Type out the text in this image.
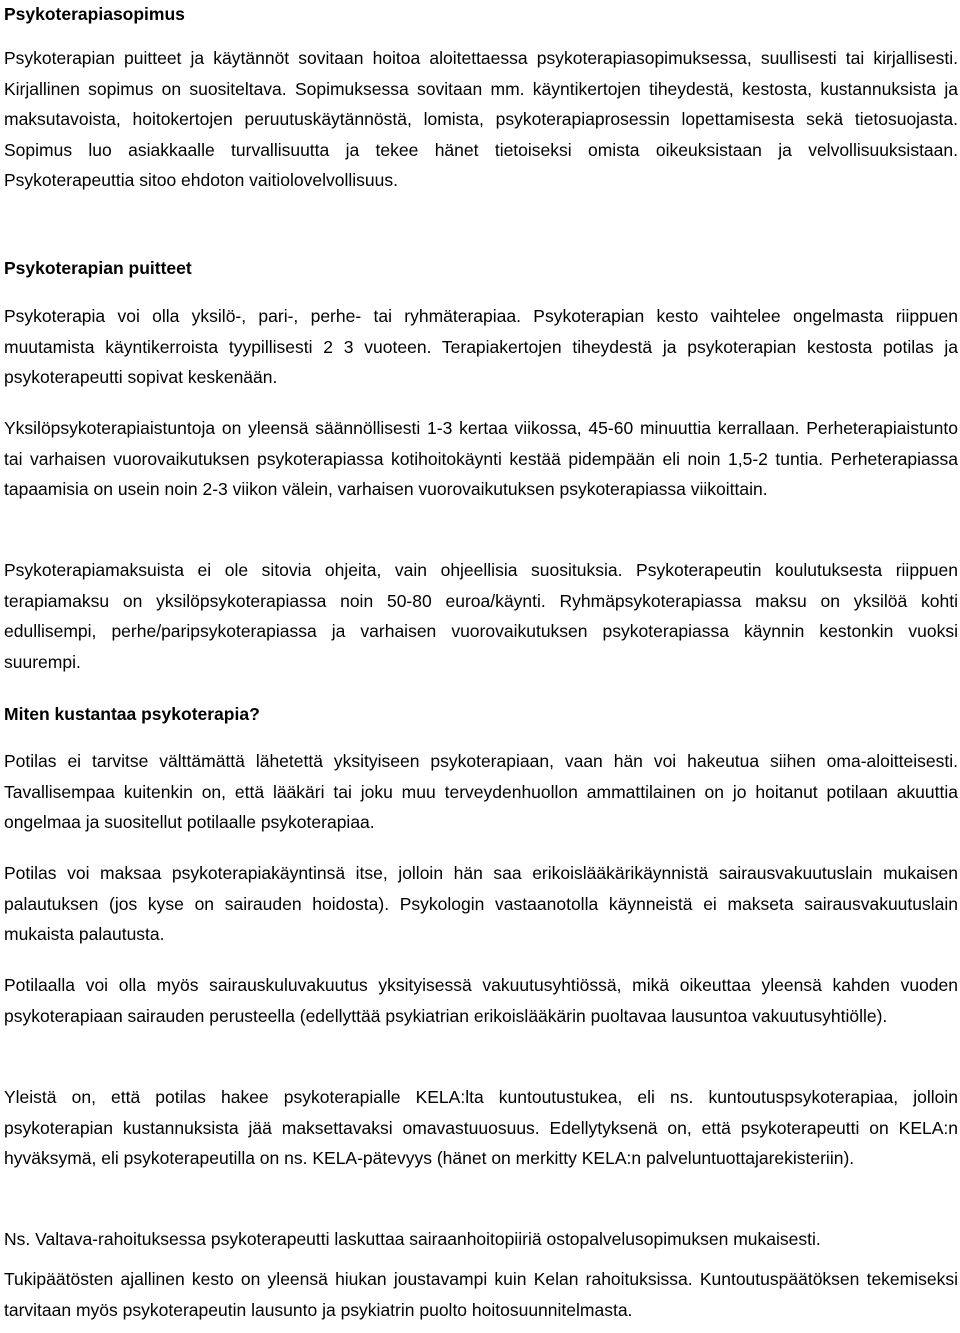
Psykoterapiasopimus

Psykoterapian puitteet ja käytännöt sovitaan hoitoa aloitettaessa psykoterapiasopimuksessa, suullisesti tai kirjallisesti. Kirjallinen sopimus on suositeltava. Sopimuksessa sovitaan mm. käyntikertojen tiheydestä, kestosta, kustannuksista ja maksutavoista, hoitokertojen peruutuskäytännöstä, lomista, psykoterapiaprosessin lopettamisesta sekä tietosuojasta. Sopimus luo asiakkaalle turvallisuutta ja tekee hänet tietoiseksi omista oikeuksistaan ja velvollisuuksistaan. Psykoterapeuttia sitoo ehdoton vaitiolovelvollisuus.

Psykoterapian puitteet

Psykoterapia voi olla yksilö-, pari-, perhe- tai ryhmäterapiaa. Psykoterapian kesto vaihtelee ongelmasta riippuen muutamista käyntikerroista tyypillisesti 2 3 vuoteen. Terapiakertojen tiheydestä ja psykoterapian kestosta potilas ja psykoterapeutti sopivat keskenään.

Yksilöpsykoterapiaistuntoja on yleensä säännöllisesti 1-3 kertaa viikossa, 45-60 minuuttia kerrallaan. Perheterapiaistunto tai varhaisen vuorovaikutuksen psykoterapiassa kotihoitokäynti kestää pidempään eli noin 1,5-2 tuntia. Perheterapiassa tapaamisia on usein noin 2-3 viikon välein, varhaisen vuorovaikutuksen psykoterapiassa viikoittain.

Psykoterapiamaksuista ei ole sitovia ohjeita, vain ohjeellisia suosituksia. Psykoterapeutin koulutuksesta riippuen terapiamaksu on yksilöpsykoterapiassa noin 50-80 euroa/käynti. Ryhmäpsykoterapiassa maksu on yksilöä kohti edullisempi, perhe/paripsykoterapiassa ja varhaisen vuorovaikutuksen psykoterapiassa käynnin kestonkin vuoksi suurempi.

Miten kustantaa psykoterapia?

Potilas ei tarvitse välttämättä lähetettä yksityiseen psykoterapiaan, vaan hän voi hakeutua siihen oma-aloitteisesti. Tavallisempaa kuitenkin on, että lääkäri tai joku muu terveydenhuollon ammattilainen on jo hoitanut potilaan akuuttia ongelmaa ja suositellut potilaalle psykoterapiaa.

Potilas voi maksaa psykoterapiakäyntinsä itse, jolloin hän saa erikoislääkärikäynnistä sairausvakuutuslain mukaisen palautuksen (jos kyse on sairauden hoidosta). Psykologin vastaanotolla käynneistä ei makseta sairausvakuutuslain mukaista palautusta.

Potilaalla voi olla myös sairauskuluvakuutus yksityisessä vakuutusyhtiössä, mikä oikeuttaa yleensä kahden vuoden psykoterapiaan sairauden perusteella (edellyttää psykiatrian erikoislääkärin puoltavaa lausuntoa vakuutusyhtiölle).

Yleistä on, että potilas hakee psykoterapialle KELA:lta kuntoutustukea, eli ns. kuntoutuspsykoterapiaa, jolloin psykoterapian kustannuksista jää maksettavaksi omavastuuosuus. Edellytyksenä on, että psykoterapeutti on KELA:n hyväksymä, eli psykoterapeutilla on ns. KELA-pätevyys (hänet on merkitty KELA:n palveluntuottajarekisteriin).

Ns. Valtava-rahoituksessa psykoterapeutti laskuttaa sairaanhoitopiiriä ostopalvelusopimuksen mukaisesti.

Tukipäätösten ajallinen kesto on yleensä hiukan joustavampi kuin Kelan rahoituksissa. Kuntoutuspäätöksen tekemiseksi tarvitaan myös psykoterapeutin lausunto ja psykiatrin puolto hoitosuunnitelmasta.
